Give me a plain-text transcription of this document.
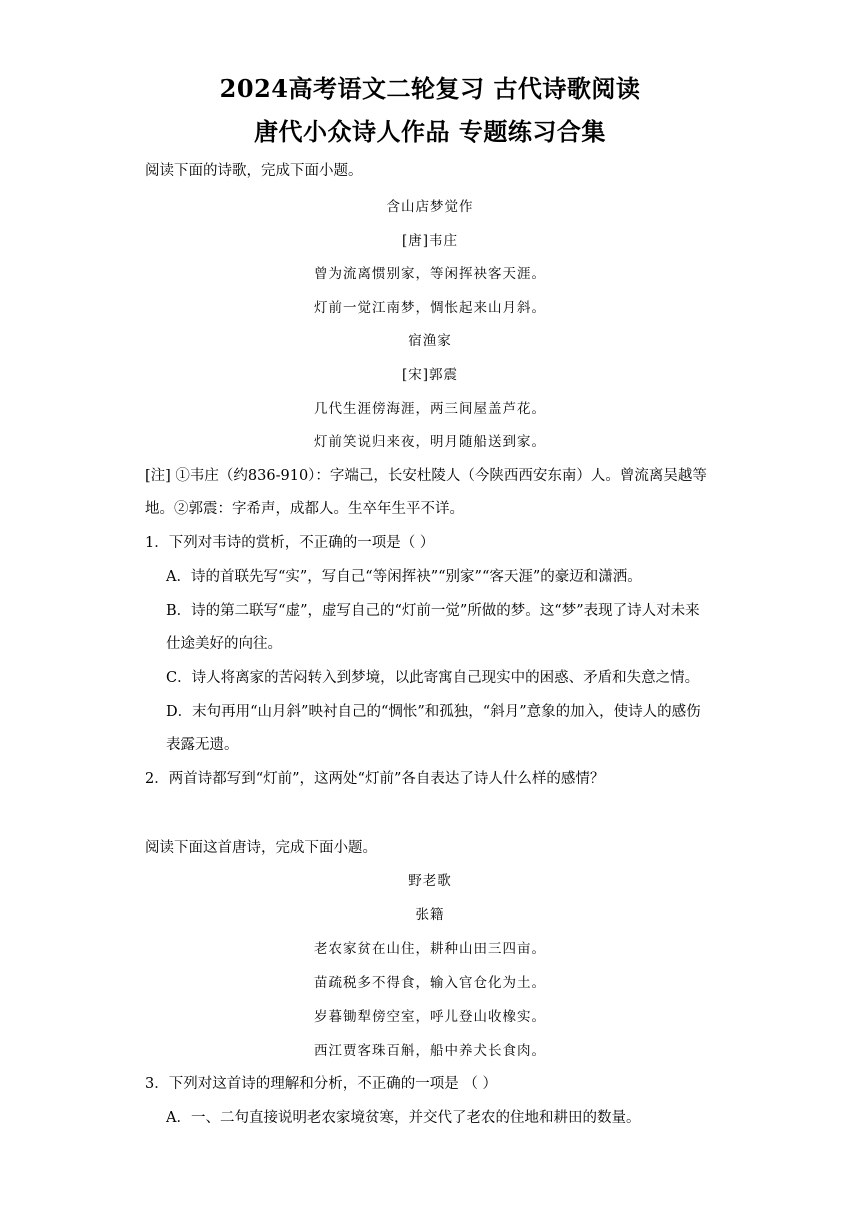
2024高考语文二轮复习 古代诗歌阅读
唐代小众诗人作品 专题练习合集
阅读下面的诗歌，完成下面小题。
含山店梦觉作
[唐]韦庄
曾为流离惯别家，等闲挥袂客天涯。
灯前一觉江南梦，惆怅起来山月斜。
宿渔家
[宋]郭震
几代生涯傍海涯，两三间屋盖芦花。
灯前笑说归来夜，明月随船送到家。
[注] ①韦庄（约836-910）：字端己，长安杜陵人（今陕西西安东南）人。曾流离吴越等
地。②郭震：字希声，成都人。生卒年生平不详。
1．下列对韦诗的赏析，不正确的一项是（ ）
A．诗的首联先写“实”，写自己“等闲挥袂”“别家”“客天涯”的豪迈和潇洒。
B．诗的第二联写“虚”，虚写自己的“灯前一觉”所做的梦。这“梦”表现了诗人对未来
仕途美好的向往。
C．诗人将离家的苦闷转入到梦境，以此寄寓自己现实中的困惑、矛盾和失意之情。
D．末句再用“山月斜”映衬自己的“惆怅”和孤独，“斜月”意象的加入，使诗人的感伤
表露无遗。
2．两首诗都写到“灯前”，这两处“灯前”各自表达了诗人什么样的感情？
阅读下面这首唐诗，完成下面小题。
野老歌
张籍
老农家贫在山住，耕种山田三四亩。
苗疏税多不得食，输入官仓化为土。
岁暮锄犁傍空室，呼儿登山收橡实。
西江贾客珠百斛，船中养犬长食肉。
3．下列对这首诗的理解和分析，不正确的一项是 （ ）
A．一、二句直接说明老农家境贫寒，并交代了老农的住地和耕田的数量。
